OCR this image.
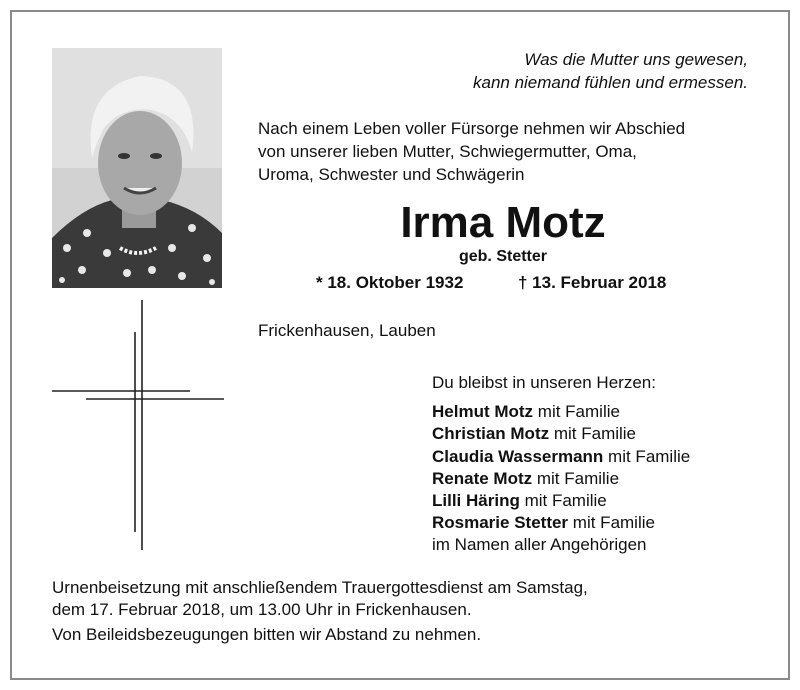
Was die Mutter uns gewesen,
kann niemand fühlen und ermessen.
Nach einem Leben voller Fürsorge nehmen wir Abschied
von unserer lieben Mutter, Schwiegermutter, Oma,
Uroma, Schwester und Schwägerin
Irma Motz
geb. Stetter
* 18. Oktober 1932	† 13. Februar 2018
Frickenhausen, Lauben
Du bleibst in unseren Herzen:
Helmut Motz mit Familie
Christian Motz mit Familie
Claudia Wassermann mit Familie
Renate Motz mit Familie
Lilli Häring mit Familie
Rosmarie Stetter mit Familie
im Namen aller Angehörigen
Urnenbeisetzung mit anschließendem Trauergottesdienst am Samstag,
dem 17. Februar 2018, um 13.00 Uhr in Frickenhausen.
Von Beileidsbezeugungen bitten wir Abstand zu nehmen.
